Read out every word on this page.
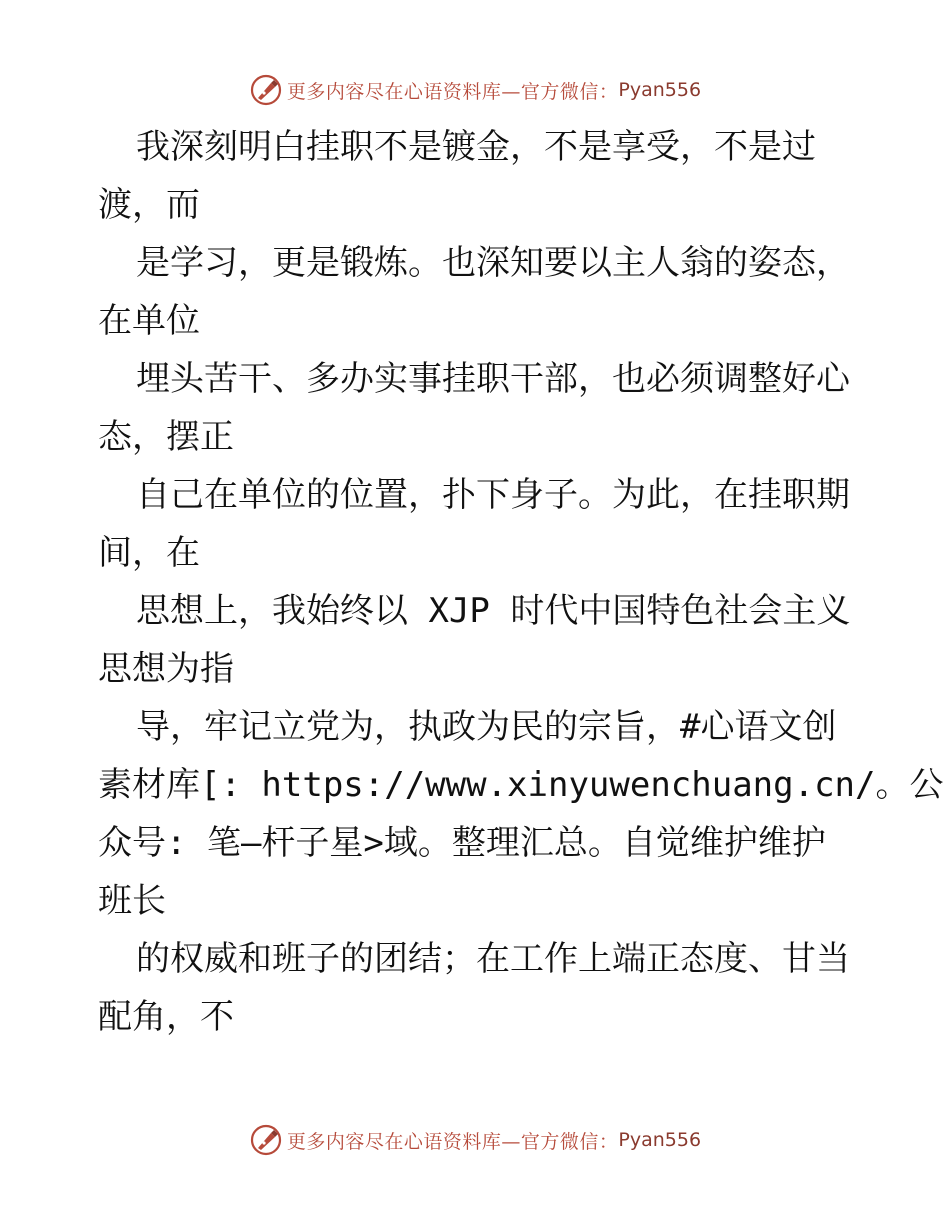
更多内容尽在心语资料库—官方微信： Pyan556
我深刻明白挂职不是镀金，不是享受，不是过
渡，而
是学习，更是锻炼。也深知要以主人翁的姿态，
在单位
埋头苦干、多办实事挂职干部，也必须调整好心
态，摆正
自己在单位的位置，扑下身子。为此，在挂职期
间，在
思想上，我始终以 XJP 时代中国特色社会主义
思想为指
导，牢记立党为，执政为民的宗旨，#心语文创
素材库[: https://www.xinyuwenchuang.cn/。公
众号: 笔—杆子星>域。整理汇总。自觉维护维护
班长
的权威和班子的团结；在工作上端正态度、甘当
配角，不
更多内容尽在心语资料库—官方微信： Pyan556
